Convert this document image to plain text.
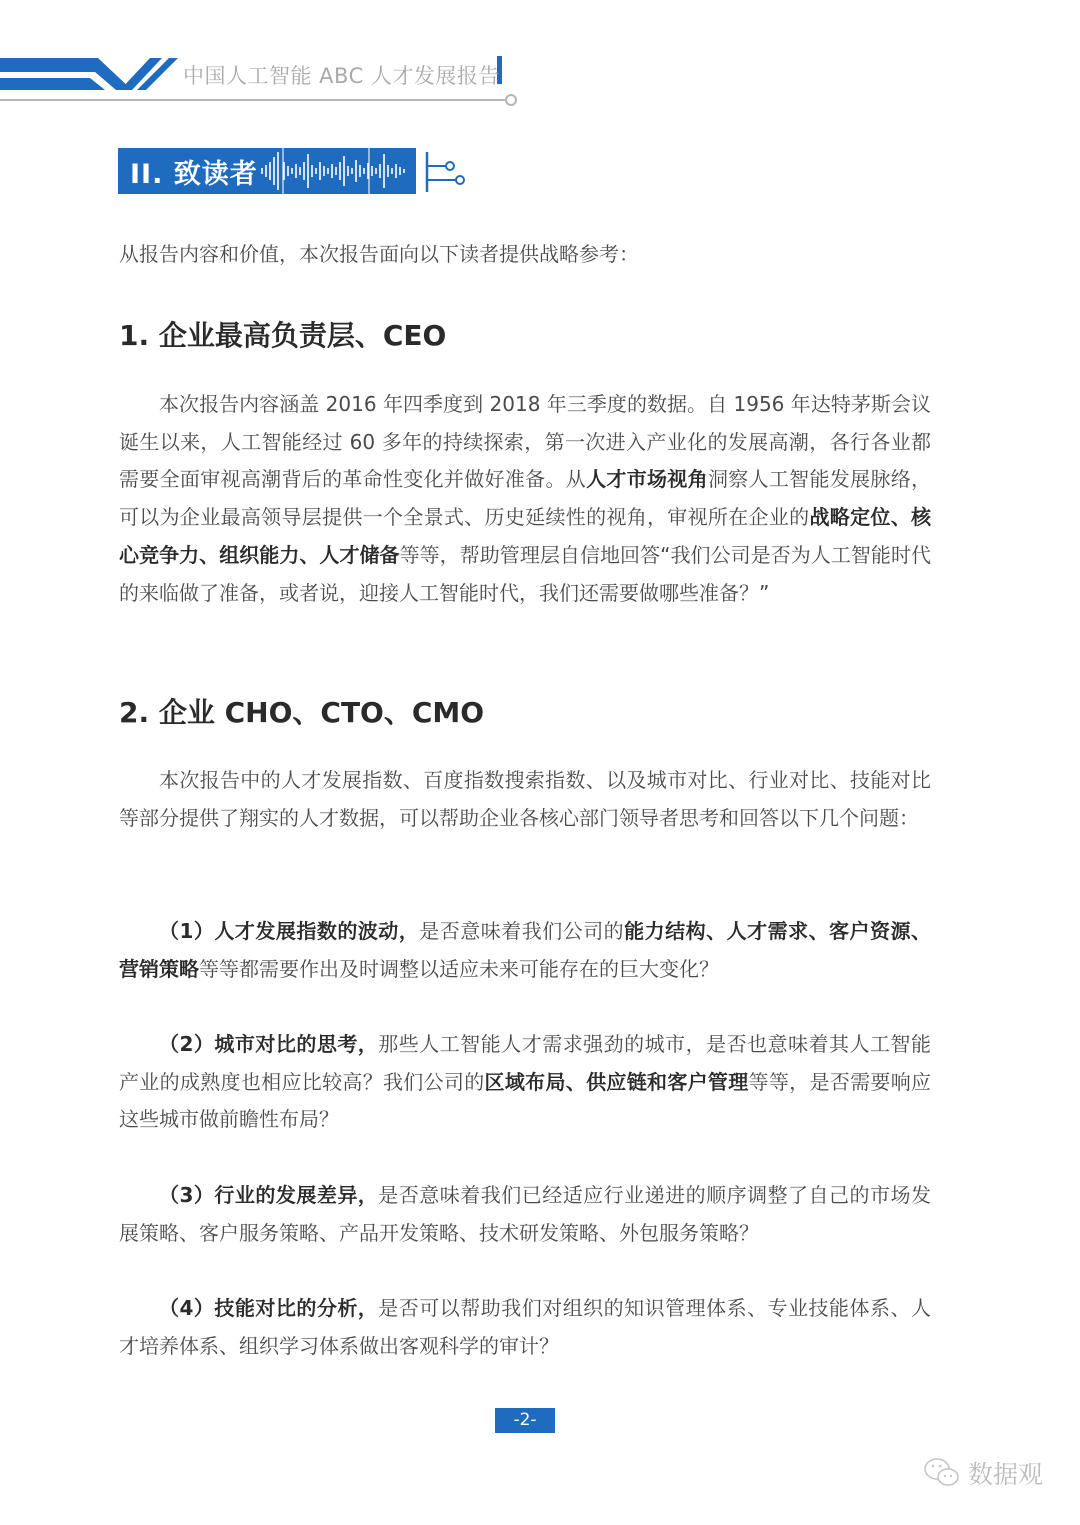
中国人工智能 ABC 人才发展报告
II. 致读者
从报告内容和价值，本次报告面向以下读者提供战略参考：
1. 企业最高负责层、CEO
本次报告内容涵盖 2016 年四季度到 2018 年三季度的数据。自 1956 年达特茅斯会议诞生以来，人工智能经过 60 多年的持续探索，第一次进入产业化的发展高潮，各行各业都需要全面审视高潮背后的革命性变化并做好准备。从人才市场视角洞察人工智能发展脉络，可以为企业最高领导层提供一个全景式、历史延续性的视角，审视所在企业的战略定位、核心竞争力、组织能力、人才储备等等，帮助管理层自信地回答“我们公司是否为人工智能时代的来临做了准备，或者说，迎接人工智能时代，我们还需要做哪些准备？”
2. 企业 CHO、CTO、CMO
本次报告中的人才发展指数、百度指数搜索指数、以及城市对比、行业对比、技能对比等部分提供了翔实的人才数据，可以帮助企业各核心部门领导者思考和回答以下几个问题：
（1）人才发展指数的波动，是否意味着我们公司的能力结构、人才需求、客户资源、营销策略等等都需要作出及时调整以适应未来可能存在的巨大变化？
（2）城市对比的思考，那些人工智能人才需求强劲的城市，是否也意味着其人工智能产业的成熟度也相应比较高？我们公司的区域布局、供应链和客户管理等等，是否需要响应这些城市做前瞻性布局？
（3）行业的发展差异，是否意味着我们已经适应行业递进的顺序调整了自己的市场发展策略、客户服务策略、产品开发策略、技术研发策略、外包服务策略？
（4）技能对比的分析，是否可以帮助我们对组织的知识管理体系、专业技能体系、人才培养体系、组织学习体系做出客观科学的审计？
-2-
数据观
